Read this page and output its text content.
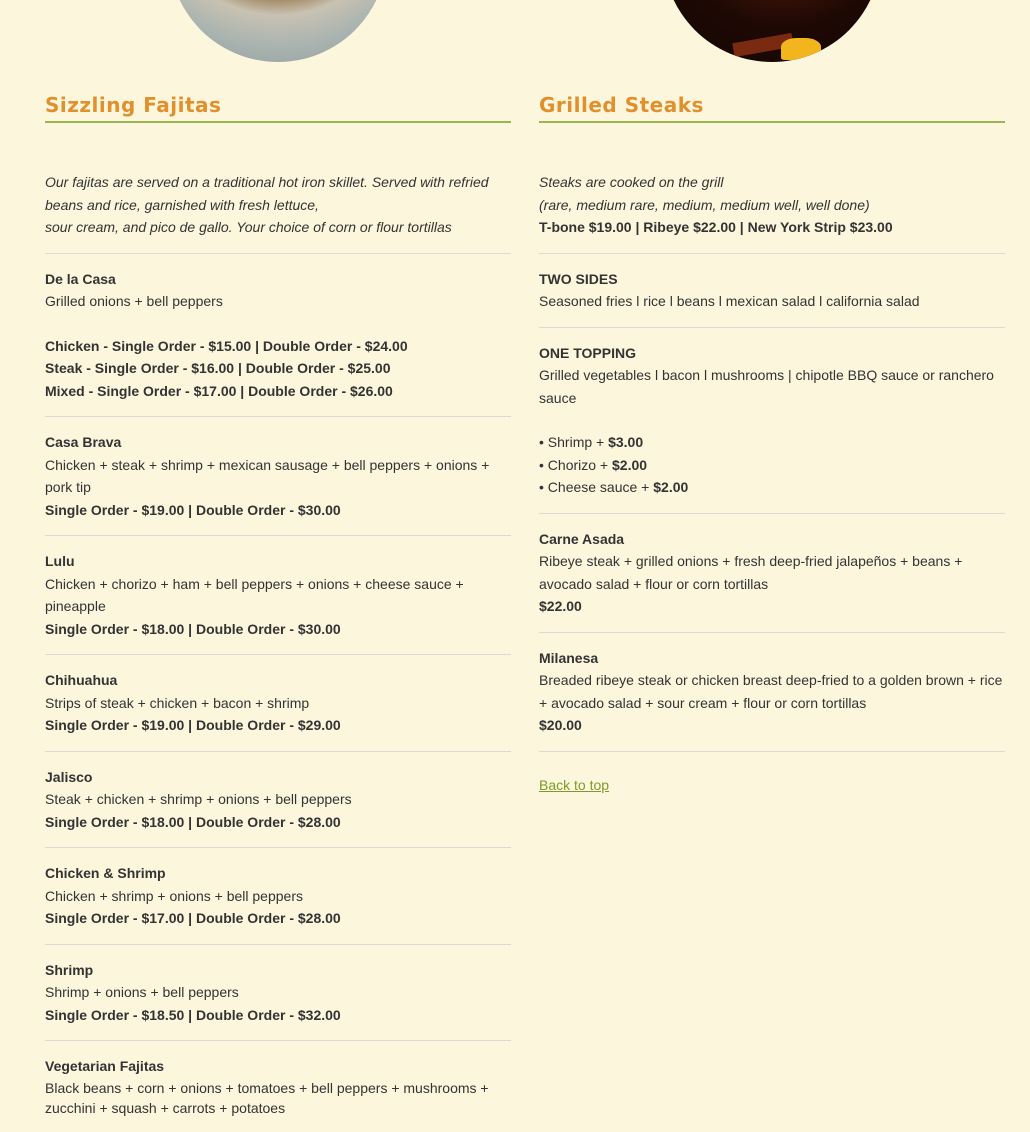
Sizzling Fajitas
Our fajitas are served on a traditional hot iron skillet. Served with refried beans and rice, garnished with fresh lettuce,
sour cream, and pico de gallo. Your choice of corn or flour tortillas
De la Casa
Grilled onions + bell peppers
Chicken - Single Order - $15.00 | Double Order - $24.00
Steak - Single Order - $16.00 | Double Order - $25.00
Mixed - Single Order - $17.00 | Double Order - $26.00
Casa Brava
Chicken + steak + shrimp + mexican sausage + bell peppers + onions + pork tip
Single Order - $19.00 | Double Order - $30.00
Lulu
Chicken + chorizo + ham + bell peppers + onions + cheese sauce + pineapple
Single Order - $18.00 | Double Order - $30.00
Chihuahua
Strips of steak + chicken + bacon + shrimp
Single Order - $19.00 | Double Order - $29.00
Jalisco
Steak + chicken + shrimp + onions + bell peppers
Single Order - $18.00 | Double Order - $28.00
Chicken & Shrimp
Chicken + shrimp + onions + bell peppers
Single Order - $17.00 | Double Order - $28.00
Shrimp
Shrimp + onions + bell peppers
Single Order - $18.50 | Double Order - $32.00
Vegetarian Fajitas
Black beans + corn + onions + tomatoes + bell peppers + mushrooms + zucchini + squash + carrots + potatoes
Grilled Steaks
Steaks are cooked on the grill
(rare, medium rare, medium, medium well, well done)
T-bone $19.00 | Ribeye $22.00 | New York Strip $23.00
TWO SIDES
Seasoned fries l rice l beans l mexican salad l california salad
ONE TOPPING
Grilled vegetables l bacon l mushrooms | chipotle BBQ sauce or ranchero sauce
• Shrimp + $3.00
• Chorizo + $2.00
• Cheese sauce + $2.00
Carne Asada
Ribeye steak + grilled onions + fresh deep-fried jalapeños + beans + avocado salad + flour or corn tortillas
$22.00
Milanesa
Breaded ribeye steak or chicken breast deep-fried to a golden brown + rice + avocado salad + sour cream + flour or corn tortillas
$20.00
Back to top
